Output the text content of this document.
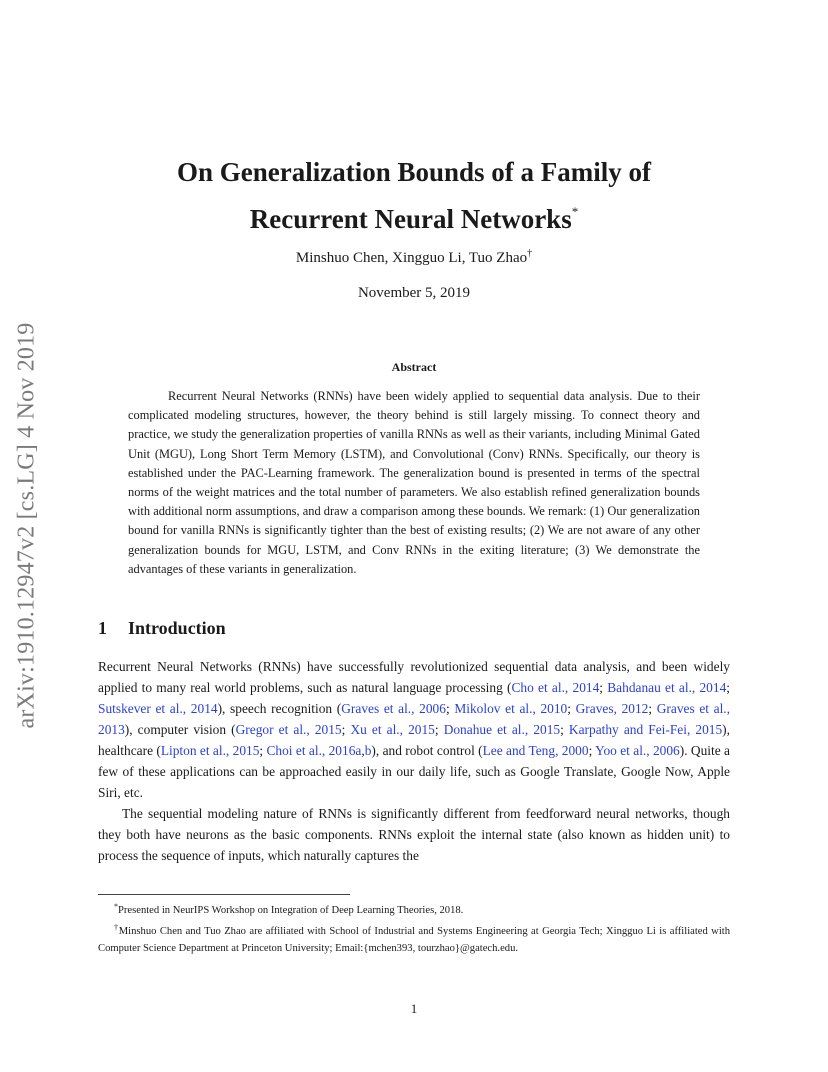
arXiv:1910.12947v2 [cs.LG] 4 Nov 2019
On Generalization Bounds of a Family of
Recurrent Neural Networks*
Minshuo Chen, Xingguo Li, Tuo Zhao†
November 5, 2019
Abstract

Recurrent Neural Networks (RNNs) have been widely applied to sequential data analysis. Due to their complicated modeling structures, however, the theory behind is still largely missing. To connect theory and practice, we study the generalization properties of vanilla RNNs as well as their variants, including Minimal Gated Unit (MGU), Long Short Term Memory (LSTM), and Convolutional (Conv) RNNs. Specifically, our theory is established under the PAC-Learning framework. The generalization bound is presented in terms of the spectral norms of the weight matrices and the total number of parameters. We also establish refined generalization bounds with additional norm assumptions, and draw a comparison among these bounds. We remark: (1) Our generalization bound for vanilla RNNs is significantly tighter than the best of existing results; (2) We are not aware of any other generalization bounds for MGU, LSTM, and Conv RNNs in the exiting literature; (3) We demonstrate the advantages of these variants in generalization.

1 Introduction

Recurrent Neural Networks (RNNs) have successfully revolutionized sequential data analysis, and been widely applied to many real world problems, such as natural language processing (Cho et al., 2014; Bahdanau et al., 2014; Sutskever et al., 2014), speech recognition (Graves et al., 2006; Mikolov et al., 2010; Graves, 2012; Graves et al., 2013), computer vision (Gregor et al., 2015; Xu et al., 2015; Donahue et al., 2015; Karpathy and Fei-Fei, 2015), healthcare (Lipton et al., 2015; Choi et al., 2016a,b), and robot control (Lee and Teng, 2000; Yoo et al., 2006). Quite a few of these applications can be approached easily in our daily life, such as Google Translate, Google Now, Apple Siri, etc.

The sequential modeling nature of RNNs is significantly different from feedforward neural networks, though they both have neurons as the basic components. RNNs exploit the internal state (also known as hidden unit) to process the sequence of inputs, which naturally captures the

*Presented in NeurIPS Workshop on Integration of Deep Learning Theories, 2018.

†Minshuo Chen and Tuo Zhao are affiliated with School of Industrial and Systems Engineering at Georgia Tech; Xingguo Li is affiliated with Computer Science Department at Princeton University; Email:{mchen393, tourzhao}@gatech.edu.

1
